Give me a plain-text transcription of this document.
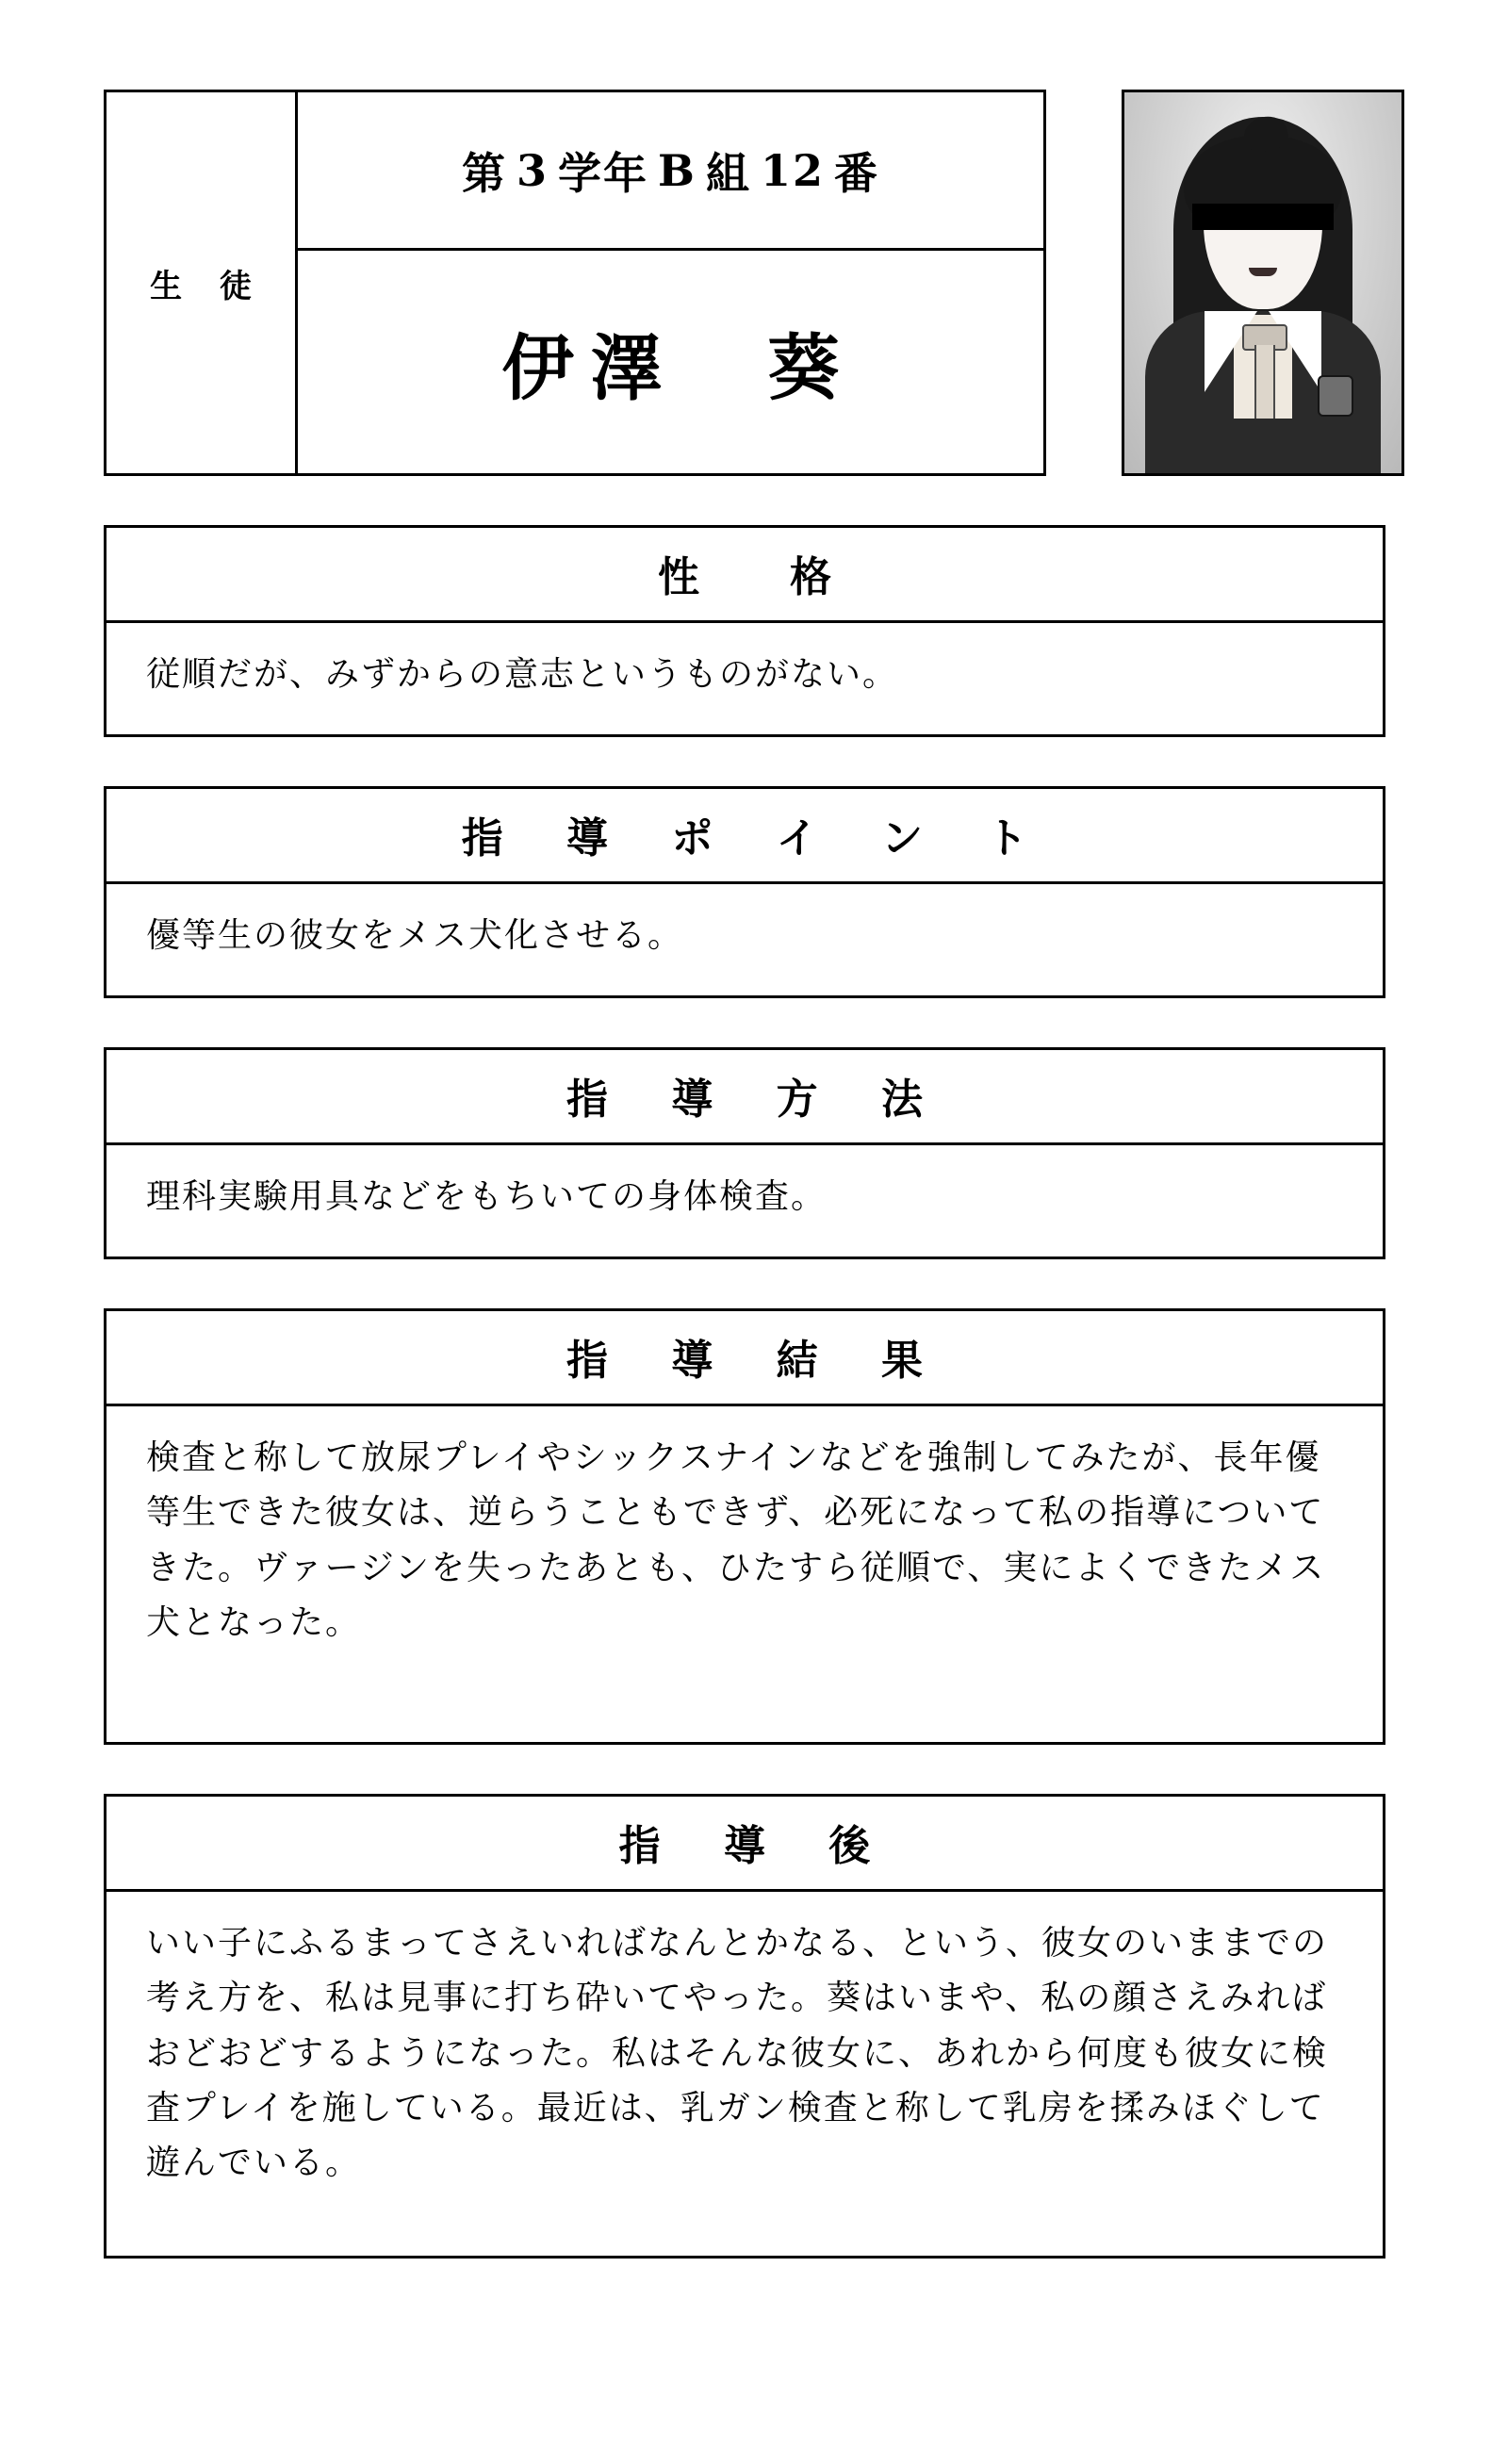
生 徒
第 3 学年 B 組 12 番
伊澤　葵
性　格

従順だが、みずからの意志というものがない。

指 導 ポ イ ン ト

優等生の彼女をメス犬化させる。

指 導 方 法

理科実験用具などをもちいての身体検査。

指 導 結 果

検査と称して放尿プレイやシックスナインなどを強制してみたが、長年優等生できた彼女は、逆らうこともできず、必死になって私の指導についてきた。ヴァージンを失ったあとも、ひたすら従順で、実によくできたメス犬となった。

指 導 後

いい子にふるまってさえいればなんとかなる、という、彼女のいままでの考え方を、私は見事に打ち砕いてやった。葵はいまや、私の顔さえみればおどおどするようになった。私はそんな彼女に、あれから何度も彼女に検査プレイを施している。最近は、乳ガン検査と称して乳房を揉みほぐして遊んでいる。
